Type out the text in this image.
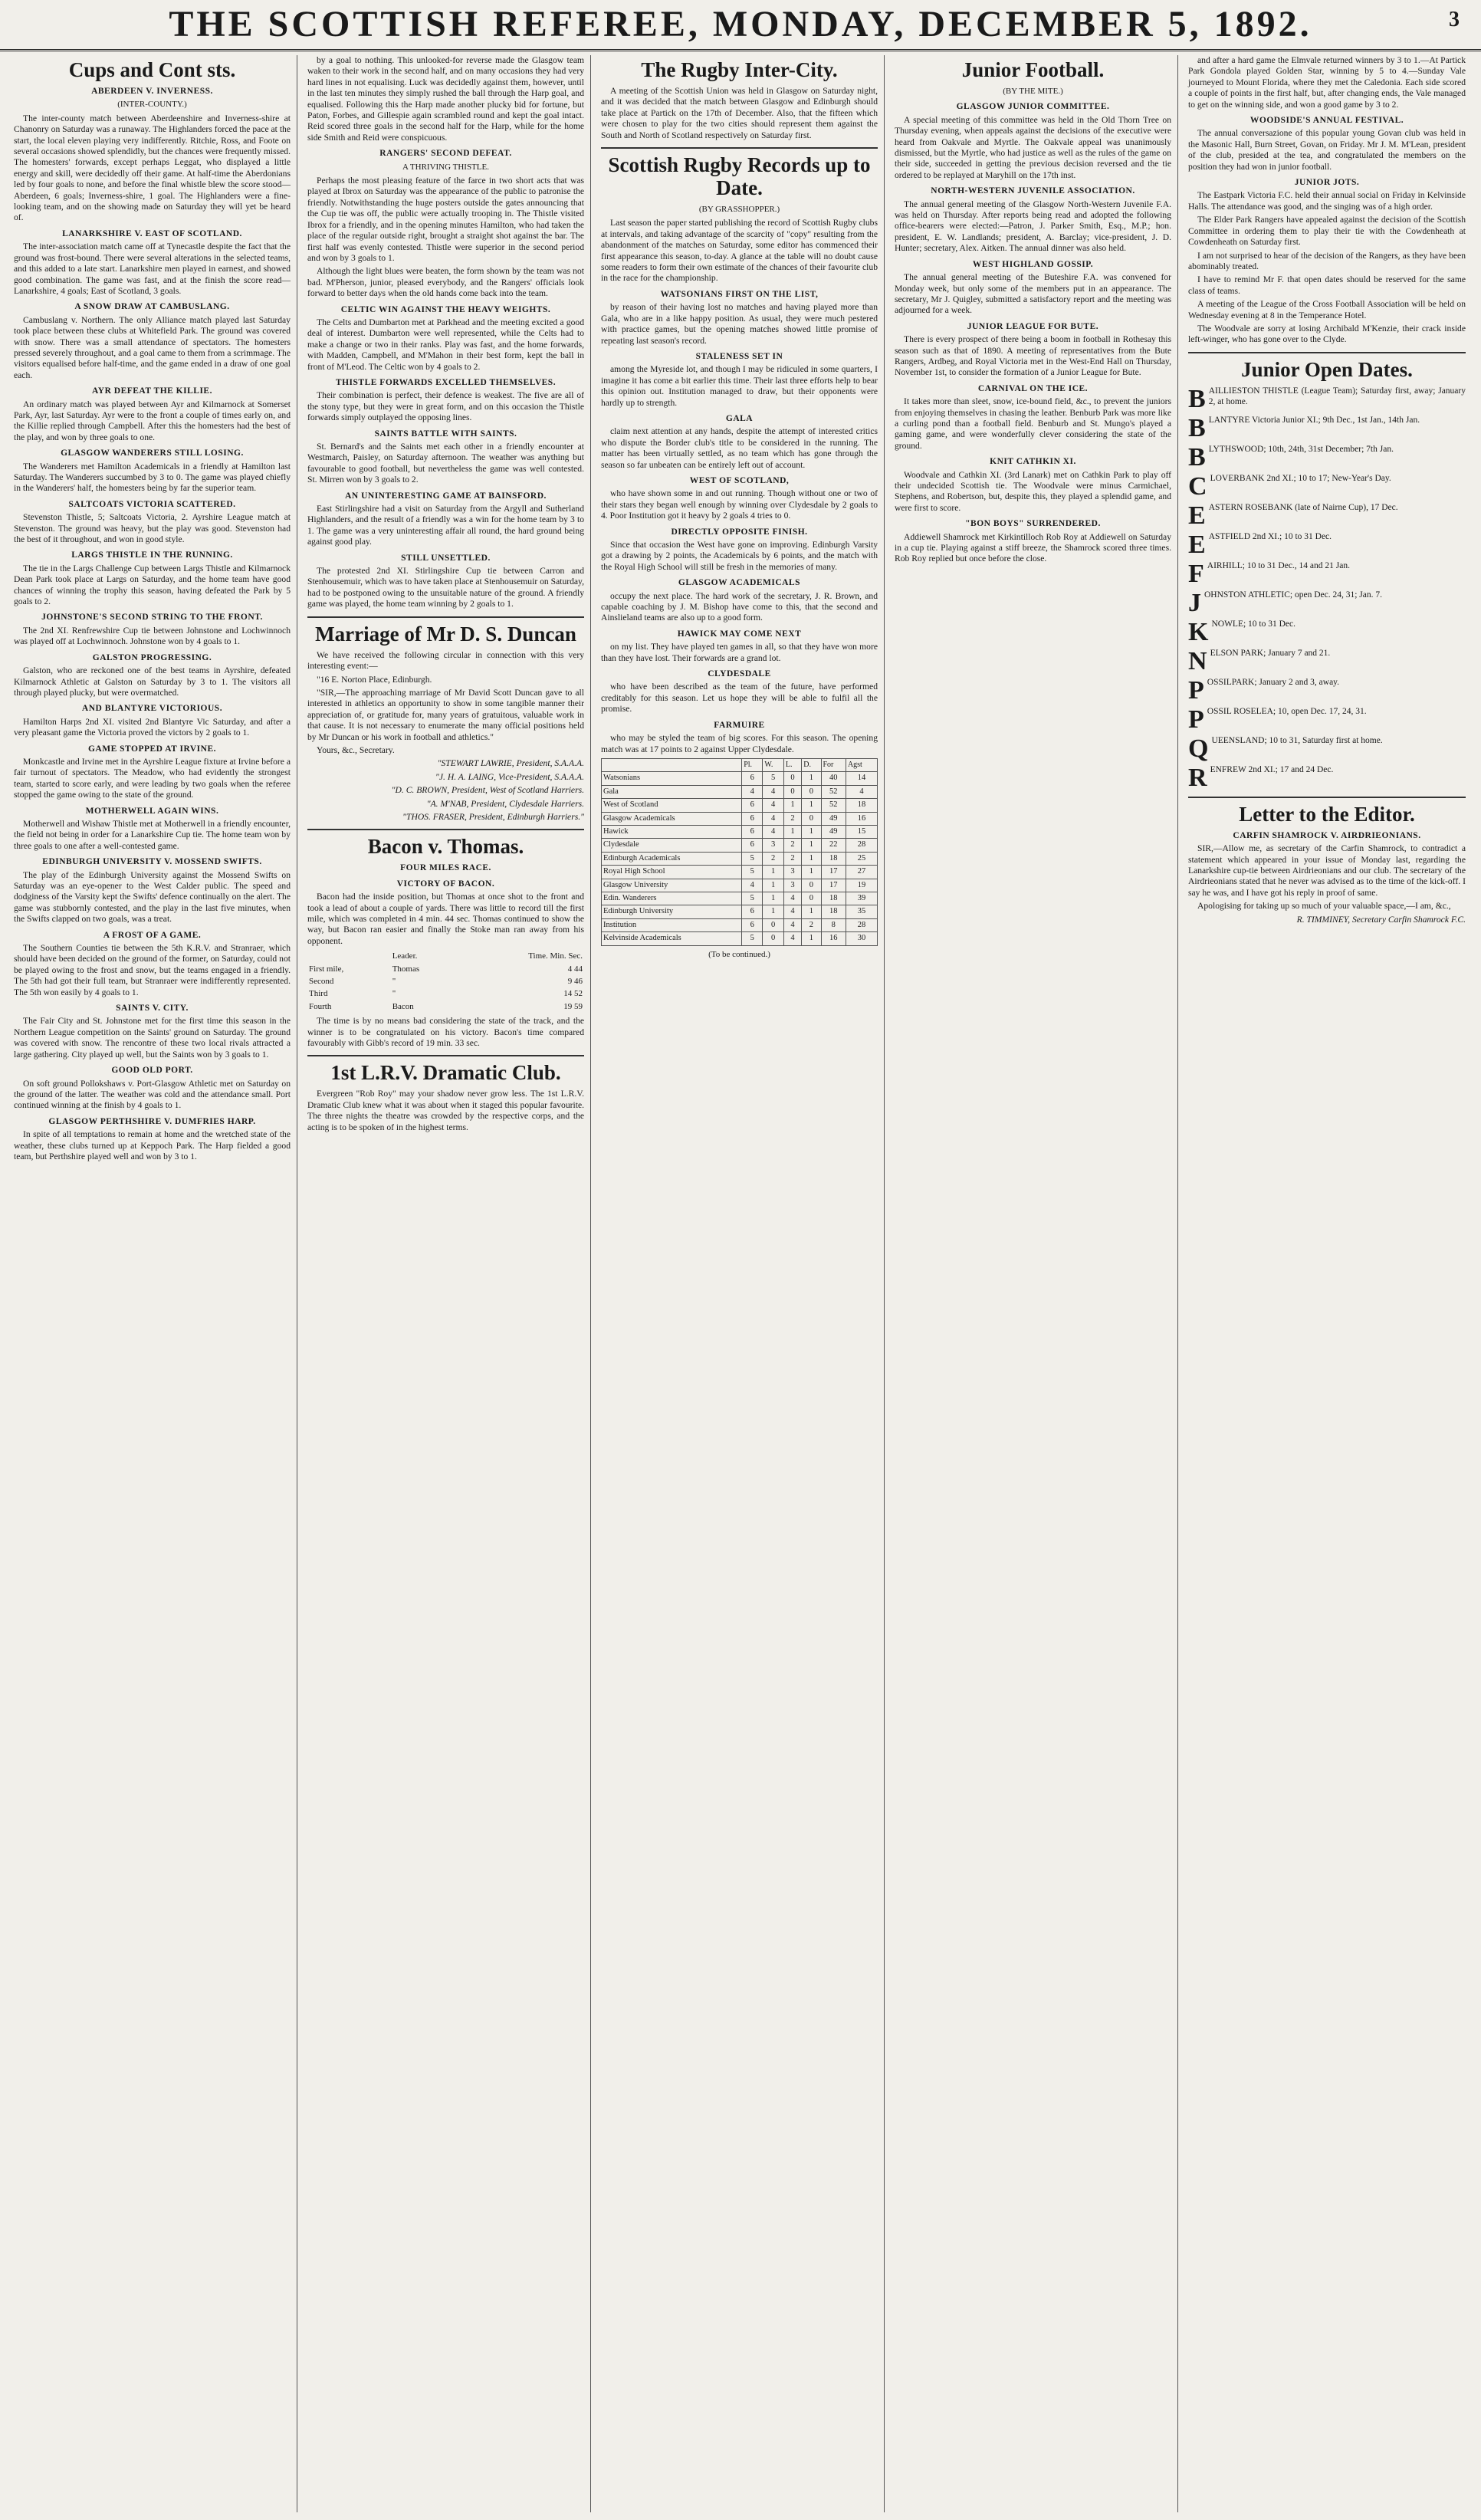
THE SCOTTISH REFEREE, MONDAY, DECEMBER 5, 1892.	3
Cups and Cont sts.
ABERDEEN V. INVERNESS.
(INTER-COUNTY.)

The inter-county match between Aberdeenshire and Inverness-shire at Chanonry on Saturday was a runaway. The Highlanders forced the pace at the start, the local eleven playing very indifferently. Ritchie, Ross, and Foote on several occasions showed splendidly, but the chances were frequently missed. The homesters' forwards, except perhaps Leggat, who displayed a little energy and skill, were decidedly off their game. At half-time the Aberdonians led by four goals to none, and before the final whistle blew the score stood—Aberdeen, 6 goals; Inverness-shire, 1 goal. The Highlanders were a fine-looking team, and on the showing made on Saturday they will yet be heard of.

LANARKSHIRE V. EAST OF SCOTLAND.

The inter-association match came off at Tynecastle despite the fact that the ground was frost-bound. There were several alterations in the selected teams, and this added to a late start. Lanarkshire men played in earnest, and showed good combination. The game was fast, and at the finish the score read—Lanarkshire, 4 goals; East of Scotland, 3 goals.

A SNOW DRAW AT CAMBUSLANG.

Cambuslang v. Northern. The only Alliance match played last Saturday took place between these clubs at Whitefield Park. The ground was covered with snow. There was a small attendance of spectators. The homesters pressed severely throughout, and a goal came to them from a scrimmage. The visitors equalised before half-time, and the game ended in a draw of one goal each.

AYR DEFEAT THE KILLIE.

An ordinary match was played between Ayr and Kilmarnock at Somerset Park, Ayr, last Saturday. Ayr were to the front a couple of times early on, and the Killie replied through Campbell. After this the homesters had the best of the play, and won by three goals to one.

GLASGOW WANDERERS STILL LOSING.

The Wanderers met Hamilton Academicals in a friendly at Hamilton last Saturday. The Wanderers succumbed by 3 to 0. The game was played chiefly in the Wanderers' half, the homesters being by far the superior team.

SALTCOATS VICTORIA SCATTERED.

Stevenston Thistle, 5; Saltcoats Victoria, 2. Ayrshire League match at Stevenston. The ground was heavy, but the play was good. Stevenston had the best of it throughout, and won in good style.

LARGS THISTLE IN THE RUNNING.

The tie in the Largs Challenge Cup between Largs Thistle and Kilmarnock Dean Park took place at Largs on Saturday, and the home team have good chances of winning the trophy this season, having defeated the Park by 5 goals to 2.

JOHNSTONE'S SECOND STRING TO THE FRONT.

The 2nd XI. Renfrewshire Cup tie between Johnstone and Lochwinnoch was played off at Lochwinnoch. Johnstone won by 4 goals to 1.

GALSTON PROGRESSING.

Galston, who are reckoned one of the best teams in Ayrshire, defeated Kilmarnock Athletic at Galston on Saturday by 3 to 1. The visitors all through played plucky, but were overmatched.

AND BLANTYRE VICTORIOUS.

Hamilton Harps 2nd XI. visited 2nd Blantyre Vic Saturday, and after a very pleasant game the Victoria proved the victors by 2 goals to 1.

GAME STOPPED AT IRVINE.

Monkcastle and Irvine met in the Ayrshire League fixture at Irvine before a fair turnout of spectators. The Meadow, who had evidently the strongest team, started to score early, and were leading by two goals when the referee stopped the game owing to the state of the ground.

MOTHERWELL AGAIN WINS.

Motherwell and Wishaw Thistle met at Motherwell in a friendly encounter, the field not being in order for a Lanarkshire Cup tie. The home team won by three goals to one after a well-contested game.

EDINBURGH UNIVERSITY V. MOSSEND SWIFTS.

The play of the Edinburgh University against the Mossend Swifts on Saturday was an eye-opener to the West Calder public. The speed and dodginess of the Varsity kept the Swifts' defence continually on the alert. The game was stubbornly contested, and the play in the last five minutes, when the Swifts clapped on two goals, was a treat.

A FROST OF A GAME.

The Southern Counties tie between the 5th K.R.V. and Stranraer, which should have been decided on the ground of the former, on Saturday, could not be played owing to the frost and snow, but the teams engaged in a friendly. The 5th had got their full team, but Stranraer were indifferently represented. The 5th won easily by 4 goals to 1.

SAINTS V. CITY.

The Fair City and St. Johnstone met for the first time this season in the Northern League competition on the Saints' ground on Saturday. The ground was covered with snow. The rencontre of these two local rivals attracted a large gathering. City played up well, but the Saints won by 3 goals to 1.

GOOD OLD PORT.

On soft ground Pollokshaws v. Port-Glasgow Athletic met on Saturday on the ground of the latter. The weather was cold and the attendance small. Port continued winning at the finish by 4 goals to 1.

GLASGOW PERTHSHIRE V. DUMFRIES HARP.

In spite of all temptations to remain at home and the wretched state of the weather, these clubs turned up at Keppoch Park. The Harp fielded a good team, but Perthshire played well and won by 3 to 1.

by a goal to nothing. This unlooked-for reverse made the Glasgow team waken to their work in the second half, and on many occasions they had very hard lines in not equalising. Luck was decidedly against them, however, until in the last ten minutes they simply rushed the ball through the Harp goal, and equalised. Following this the Harp made another plucky bid for fortune, but Paton, Forbes, and Gillespie again scrambled round and kept the goal intact. Reid scored three goals in the second half for the Harp, while for the home side Smith and Reid were conspicuous.

RANGERS' SECOND DEFEAT.
A THRIVING THISTLE.

Perhaps the most pleasing feature of the farce in two short acts that was played at Ibrox on Saturday was the appearance of the public to patronise the friendly. Notwithstanding the huge posters outside the gates announcing that the Cup tie was off, the public were actually trooping in. The Thistle visited Ibrox for a friendly, and in the opening minutes Hamilton, who had taken the place of the regular outside right, brought a straight shot against the bar. The first half was evenly contested. Thistle were superior in the second period and won by 3 goals to 1.

Although the light blues were beaten, the form shown by the team was not bad. M'Pherson, junior, pleased everybody, and the Rangers' officials look forward to better days when the old hands come back into the team.

CELTIC WIN AGAINST THE HEAVY WEIGHTS.

The Celts and Dumbarton met at Parkhead and the meeting excited a good deal of interest. Dumbarton were well represented, while the Celts had to make a change or two in their ranks. Play was fast, and the home forwards, with Madden, Campbell, and M'Mahon in their best form, kept the ball in front of M'Leod. The Celtic won by 4 goals to 2.

THISTLE FORWARDS EXCELLED THEMSELVES.

Their combination is perfect, their defence is weakest. The five are all of the stony type, but they were in great form, and on this occasion the Thistle forwards simply outplayed the opposing lines.

SAINTS BATTLE WITH SAINTS.

St. Bernard's and the Saints met each other in a friendly encounter at Westmarch, Paisley, on Saturday afternoon. The weather was anything but favourable to good football, but nevertheless the game was well contested. St. Mirren won by 3 goals to 2.

AN UNINTERESTING GAME AT BAINSFORD.

East Stirlingshire had a visit on Saturday from the Argyll and Sutherland Highlanders, and the result of a friendly was a win for the home team by 3 to 1. The game was a very uninteresting affair all round, the hard ground being against good play.

STILL UNSETTLED.

The protested 2nd XI. Stirlingshire Cup tie between Carron and Stenhousemuir, which was to have taken place at Stenhousemuir on Saturday, had to be postponed owing to the unsuitable nature of the ground. A friendly game was played, the home team winning by 2 goals to 1.

Marriage of Mr D. S. Duncan

We have received the following circular in connection with this very interesting event:—

"16 E. Norton Place, Edinburgh.

"SIR,—The approaching marriage of Mr David Scott Duncan gave to all interested in athletics an opportunity to show in some tangible manner their appreciation of, or gratitude for, many years of gratuitous, valuable work in that cause. It is not necessary to enumerate the many official positions held by Mr Duncan or his work in football and athletics."

Yours, &c., Secretary.

"STEWART LAWRIE, President, S.A.A.A.
"J. H. A. LAING, Vice-President, S.A.A.A.
"D. C. BROWN, President, West of Scotland Harriers.
"A. M'NAB, President, Clydesdale Harriers.
"THOS. FRASER, President, Edinburgh Harriers."
Bacon v. Thomas.
FOUR MILES RACE.
VICTORY OF BACON.

Bacon had the inside position, but Thomas at once shot to the front and took a lead of about a couple of yards. There was little to record till the first mile, which was completed in 4 min. 44 sec. Thomas continued to show the way, but Bacon ran easier and finally the Stoke man ran away from his opponent.

	Leader.	Time. Min. Sec.
First mile,	Thomas	4 44
Second	"	9 46
Third	"	14 52
Fourth	Bacon	19 59

The time is by no means bad considering the state of the track, and the winner is to be congratulated on his victory. Bacon's time compared favourably with Gibb's record of 19 min. 33 sec.

1st L.R.V. Dramatic Club.

Evergreen "Rob Roy" may your shadow never grow less. The 1st L.R.V. Dramatic Club knew what it was about when it staged this popular favourite. The three nights the theatre was crowded by the respective corps, and the acting is to be spoken of in the highest terms.

The Rugby Inter-City.

A meeting of the Scottish Union was held in Glasgow on Saturday night, and it was decided that the match between Glasgow and Edinburgh should take place at Partick on the 17th of December. Also, that the fifteen which were chosen to play for the two cities should represent them against the South and North of Scotland respectively on Saturday first.

Scottish Rugby Records up to Date.
(BY GRASSHOPPER.)

Last season the paper started publishing the record of Scottish Rugby clubs at intervals, and taking advantage of the scarcity of "copy" resulting from the abandonment of the matches on Saturday, some editor has commenced their first appearance this season, to-day. A glance at the table will no doubt cause some readers to form their own estimate of the chances of their favourite club in the race for the championship.

WATSONIANS FIRST ON THE LIST,

by reason of their having lost no matches and having played more than Gala, who are in a like happy position. As usual, they were much pestered with practice games, but the opening matches showed little promise of repeating last season's record.

STALENESS SET IN

among the Myreside lot, and though I may be ridiculed in some quarters, I imagine it has come a bit earlier this time. Their last three efforts help to bear this opinion out. Institution managed to draw, but their opponents were hardly up to strength.

GALA

claim next attention at any hands, despite the attempt of interested critics who dispute the Border club's title to be considered in the running. The matter has been virtually settled, as no team which has gone through the season so far unbeaten can be entirely left out of account.

WEST OF SCOTLAND,

who have shown some in and out running. Though without one or two of their stars they began well enough by winning over Clydesdale by 2 goals to 4. Poor Institution got it heavy by 2 goals 4 tries to 0.

DIRECTLY OPPOSITE FINISH.

Since that occasion the West have gone on improving. Edinburgh Varsity got a drawing by 2 points, the Academicals by 6 points, and the match with the Royal High School will still be fresh in the memories of many.

GLASGOW ACADEMICALS

occupy the next place. The hard work of the secretary, J. R. Brown, and capable coaching by J. M. Bishop have come to this, that the second and Ainslieland teams are also up to a good form.

HAWICK MAY COME NEXT

on my list. They have played ten games in all, so that they have won more than they have lost. Their forwards are a grand lot.

CLYDESDALE

who have been described as the team of the future, have performed creditably for this season. Let us hope they will be able to fulfil all the promise.

FARMUIRE

who may be styled the team of big scores. For this season. The opening match was at 17 points to 2 against Upper Clydesdale.

	Pl.	W.	L.	D.	For	Agst
Watsonians	6	5	0	1	40	14
Gala	4	4	0	0	52	4
West of Scotland	6	4	1	1	52	18
Glasgow Academicals	6	4	2	0	49	16
Hawick	6	4	1	1	49	15
Clydesdale	6	3	2	1	22	28
Edinburgh Academicals	5	2	2	1	18	25
Royal High School	5	1	3	1	17	27
Glasgow University	4	1	3	0	17	19
Edin. Wanderers	5	1	4	0	18	39
Edinburgh University	6	1	4	1	18	35
Institution	6	0	4	2	8	28
Kelvinside Academicals	5	0	4	1	16	30
(To be continued.)
Junior Football.
(BY THE MITE.)
GLASGOW JUNIOR COMMITTEE.

A special meeting of this committee was held in the Old Thorn Tree on Thursday evening, when appeals against the decisions of the executive were heard from Oakvale and Myrtle. The Oakvale appeal was unanimously dismissed, but the Myrtle, who had justice as well as the rules of the game on their side, succeeded in getting the previous decision reversed and the tie ordered to be replayed at Maryhill on the 17th inst.

NORTH-WESTERN JUVENILE ASSOCIATION.

The annual general meeting of the Glasgow North-Western Juvenile F.A. was held on Thursday. After reports being read and adopted the following office-bearers were elected:—Patron, J. Parker Smith, Esq., M.P.; hon. president, E. W. Landlands; president, A. Barclay; vice-president, J. D. Hunter; secretary, Alex. Aitken. The annual dinner was also held.

WEST HIGHLAND GOSSIP.

The annual general meeting of the Buteshire F.A. was convened for Monday week, but only some of the members put in an appearance. The secretary, Mr J. Quigley, submitted a satisfactory report and the meeting was adjourned for a week.

JUNIOR LEAGUE FOR BUTE.

There is every prospect of there being a boom in football in Rothesay this season such as that of 1890. A meeting of representatives from the Bute Rangers, Ardbeg, and Royal Victoria met in the West-End Hall on Thursday, November 1st, to consider the formation of a Junior League for Bute.

CARNIVAL ON THE ICE.

It takes more than sleet, snow, ice-bound field, &c., to prevent the juniors from enjoying themselves in chasing the leather. Benburb Park was more like a curling pond than a football field. Benburb and St. Mungo's played a gaming game, and were wonderfully clever considering the state of the ground.

KNIT CATHKIN XI.

Woodvale and Cathkin XI. (3rd Lanark) met on Cathkin Park to play off their undecided Scottish tie. The Woodvale were minus Carmichael, Stephens, and Robertson, but, despite this, they played a splendid game, and were first to score.

"BON BOYS" SURRENDERED.

Addiewell Shamrock met Kirkintilloch Rob Roy at Addiewell on Saturday in a cup tie. Playing against a stiff breeze, the Shamrock scored three times. Rob Roy replied but once before the close.

and after a hard game the Elmvale returned winners by 3 to 1.—At Partick Park Gondola played Golden Star, winning by 5 to 4.—Sunday Vale journeyed to Mount Florida, where they met the Caledonia. Each side scored a couple of points in the first half, but, after changing ends, the Vale managed to get on the winning side, and won a good game by 3 to 2.

WOODSIDE'S ANNUAL FESTIVAL.

The annual conversazione of this popular young Govan club was held in the Masonic Hall, Burn Street, Govan, on Friday. Mr J. M. M'Lean, president of the club, presided at the tea, and congratulated the members on the position they had won in junior football.

JUNIOR JOTS.

The Eastpark Victoria F.C. held their annual social on Friday in Kelvinside Halls. The attendance was good, and the singing was of a high order.

The Elder Park Rangers have appealed against the decision of the Scottish Committee in ordering them to play their tie with the Cowdenheath at Cowdenheath on Saturday first.

I am not surprised to hear of the decision of the Rangers, as they have been abominably treated.

I have to remind Mr F. that open dates should be reserved for the same class of teams.

A meeting of the League of the Cross Football Association will be held on Wednesday evening at 8 in the Temperance Hotel.

The Woodvale are sorry at losing Archibald M'Kenzie, their crack inside left-winger, who has gone over to the Clyde.

Junior Open Dates.
BAILLIESTON THISTLE (League Team); Saturday first, away; January 2, at home.
BLANTYRE Victoria Junior XI.; 9th Dec., 1st Jan., 14th Jan.
BLYTHSWOOD; 10th, 24th, 31st December; 7th Jan.
CLOVERBANK 2nd XI.; 10 to 17; New-Year's Day.
EASTERN ROSEBANK (late of Nairne Cup), 17 Dec.
EASTFIELD 2nd XI.; 10 to 31 Dec.
FAIRHILL; 10 to 31 Dec., 14 and 21 Jan.
JOHNSTON ATHLETIC; open Dec. 24, 31; Jan. 7.
KNOWLE; 10 to 31 Dec.
NELSON PARK; January 7 and 21.
POSSILPARK; January 2 and 3, away.
POSSIL ROSELEA; 10, open Dec. 17, 24, 31.
QUEENSLAND; 10 to 31, Saturday first at home.
RENFREW 2nd XI.; 17 and 24 Dec.
Letter to the Editor.
CARFIN SHAMROCK V. AIRDRIEONIANS.

SIR,—Allow me, as secretary of the Carfin Shamrock, to contradict a statement which appeared in your issue of Monday last, regarding the Lanarkshire cup-tie between Airdrieonians and our club. The secretary of the Airdrieonians stated that he never was advised as to the time of the kick-off. I say he was, and I have got his reply in proof of same.

Apologising for taking up so much of your valuable space,—I am, &c.,

R. TIMMINEY, Secretary Carfin Shamrock F.C.
